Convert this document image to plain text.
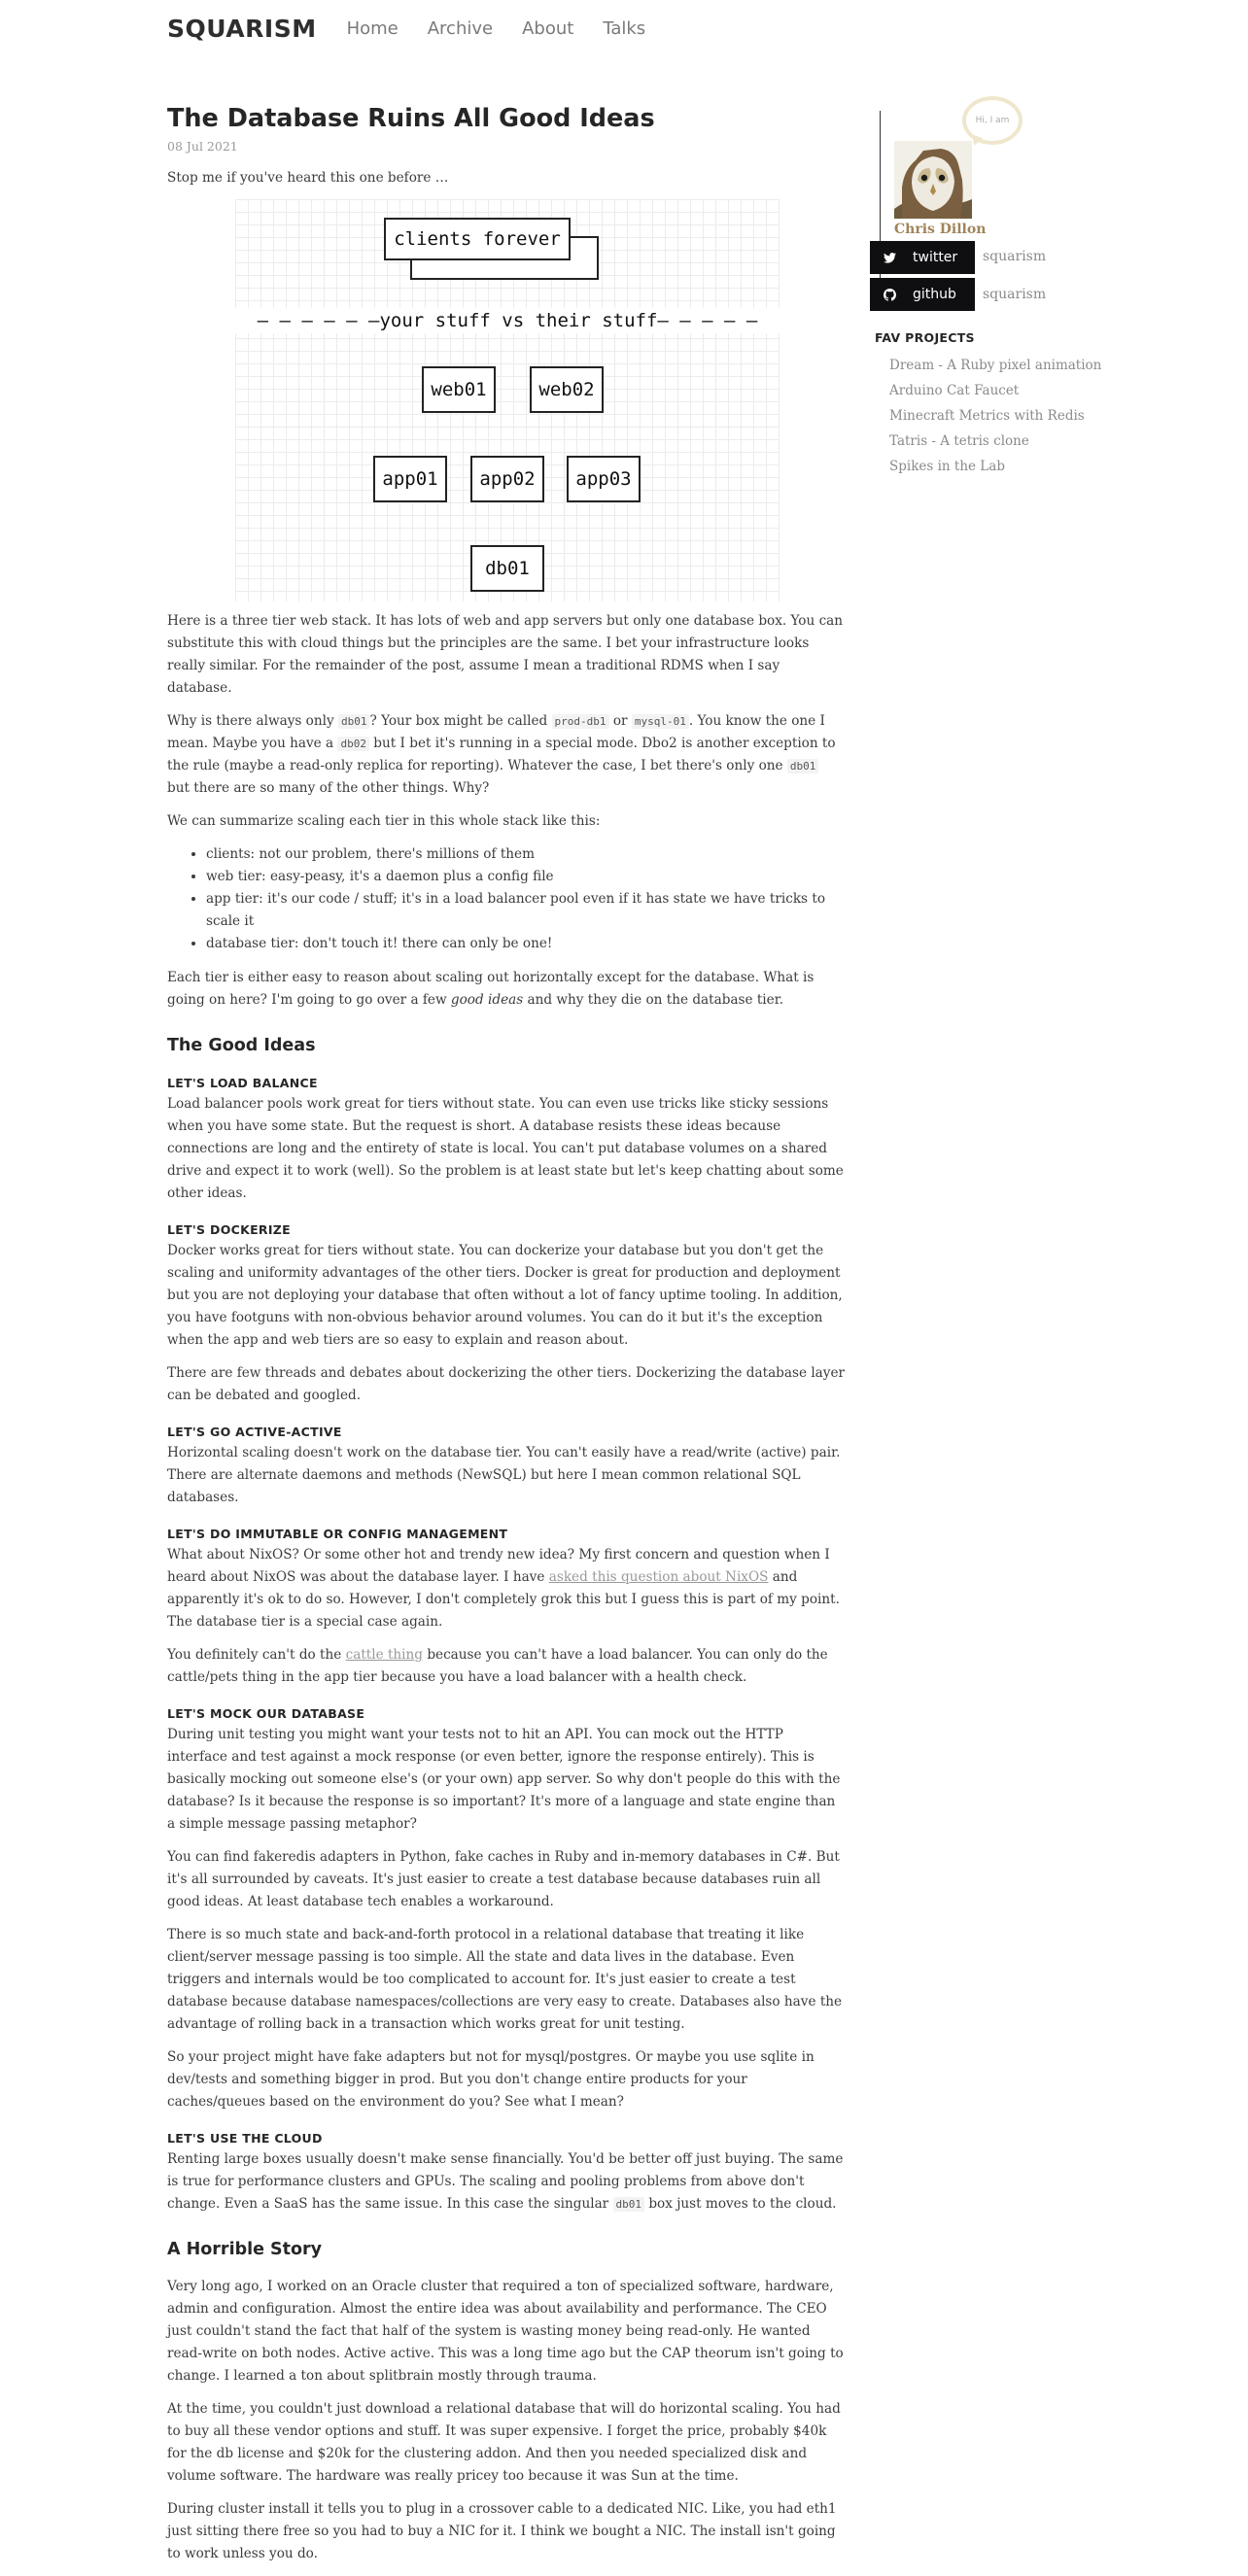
SQUARISM Home Archive About Talks
The Database Ruins All Good Ideas
08 Jul 2021

Stop me if you've heard this one before …

clients forever
— — — — — —your stuff vs their stuff— — — — —
web01	web02
app01	app02	app03
db01

Here is a three tier web stack. It has lots of web and app servers but only one database box. You can substitute this with cloud things but the principles are the same. I bet your infrastructure looks really similar. For the remainder of the post, assume I mean a traditional RDMS when I say database.

Why is there always only db01 ? Your box might be called prod-db1 or mysql-01 . You know the one I mean. Maybe you have a db02 but I bet it's running in a special mode. Dbo2 is another exception to the rule (maybe a read-only replica for reporting). Whatever the case, I bet there's only one db01 but there are so many of the other things. Why?

We can summarize scaling each tier in this whole stack like this:

• clients: not our problem, there's millions of them
• web tier: easy-peasy, it's a daemon plus a config file
• app tier: it's our code / stuff; it's in a load balancer pool even if it has state we have tricks to scale it
• database tier: don't touch it! there can only be one!

Each tier is either easy to reason about scaling out horizontally except for the database. What is going on here? I'm going to go over a few good ideas and why they die on the database tier.

The Good Ideas
LET'S LOAD BALANCE

Load balancer pools work great for tiers without state. You can even use tricks like sticky sessions when you have some state. But the request is short. A database resists these ideas because connections are long and the entirety of state is local. You can't put database volumes on a shared drive and expect it to work (well). So the problem is at least state but let's keep chatting about some other ideas.

LET'S DOCKERIZE

Docker works great for tiers without state. You can dockerize your database but you don't get the scaling and uniformity advantages of the other tiers. Docker is great for production and deployment but you are not deploying your database that often without a lot of fancy uptime tooling. In addition, you have footguns with non-obvious behavior around volumes. You can do it but it's the exception when the app and web tiers are so easy to explain and reason about.

There are few threads and debates about dockerizing the other tiers. Dockerizing the database layer can be debated and googled.

LET'S GO ACTIVE-ACTIVE

Horizontal scaling doesn't work on the database tier. You can't easily have a read/write (active) pair. There are alternate daemons and methods (NewSQL) but here I mean common relational SQL databases.

LET'S DO IMMUTABLE OR CONFIG MANAGEMENT

What about NixOS? Or some other hot and trendy new idea? My first concern and question when I heard about NixOS was about the database layer. I have asked this question about NixOS and apparently it's ok to do so. However, I don't completely grok this but I guess this is part of my point. The database tier is a special case again.

You definitely can't do the cattle thing because you can't have a load balancer. You can only do the cattle/pets thing in the app tier because you have a load balancer with a health check.

LET'S MOCK OUR DATABASE

During unit testing you might want your tests not to hit an API. You can mock out the HTTP interface and test against a mock response (or even better, ignore the response entirely). This is basically mocking out someone else's (or your own) app server. So why don't people do this with the database? Is it because the response is so important? It's more of a language and state engine than a simple message passing metaphor?

You can find fakeredis adapters in Python, fake caches in Ruby and in-memory databases in C#. But it's all surrounded by caveats. It's just easier to create a test database because databases ruin all good ideas. At least database tech enables a workaround.

There is so much state and back-and-forth protocol in a relational database that treating it like client/server message passing is too simple. All the state and data lives in the database. Even triggers and internals would be too complicated to account for. It's just easier to create a test database because database namespaces/collections are very easy to create. Databases also have the advantage of rolling back in a transaction which works great for unit testing.

So your project might have fake adapters but not for mysql/postgres. Or maybe you use sqlite in dev/tests and something bigger in prod. But you don't change entire products for your caches/queues based on the environment do you? See what I mean?

LET'S USE THE CLOUD

Renting large boxes usually doesn't make sense financially. You'd be better off just buying. The same is true for performance clusters and GPUs. The scaling and pooling problems from above don't change. Even a SaaS has the same issue. In this case the singular db01 box just moves to the cloud.

A Horrible Story

Very long ago, I worked on an Oracle cluster that required a ton of specialized software, hardware, admin and configuration. Almost the entire idea was about availability and performance. The CEO just couldn't stand the fact that half of the system is wasting money being read-only. He wanted read-write on both nodes. Active active. This was a long time ago but the CAP theorum isn't going to change. I learned a ton about splitbrain mostly through trauma.

At the time, you couldn't just download a relational database that will do horizontal scaling. You had to buy all these vendor options and stuff. It was super expensive. I forget the price, probably $40k for the db license and $20k for the clustering addon. And then you needed specialized disk and volume software. The hardware was really pricey too because it was Sun at the time.

During cluster install it tells you to plug in a crossover cable to a dedicated NIC. Like, you had eth1 just sitting there free so you had to buy a NIC for it. I think we bought a NIC. The install isn't going to work unless you do.

Hi, I am
Chris Dillon
twitter squarism
github squarism
FAV PROJECTS
Dream - A Ruby pixel animation
Arduino Cat Faucet
Minecraft Metrics with Redis
Tatris - A tetris clone
Spikes in the Lab
